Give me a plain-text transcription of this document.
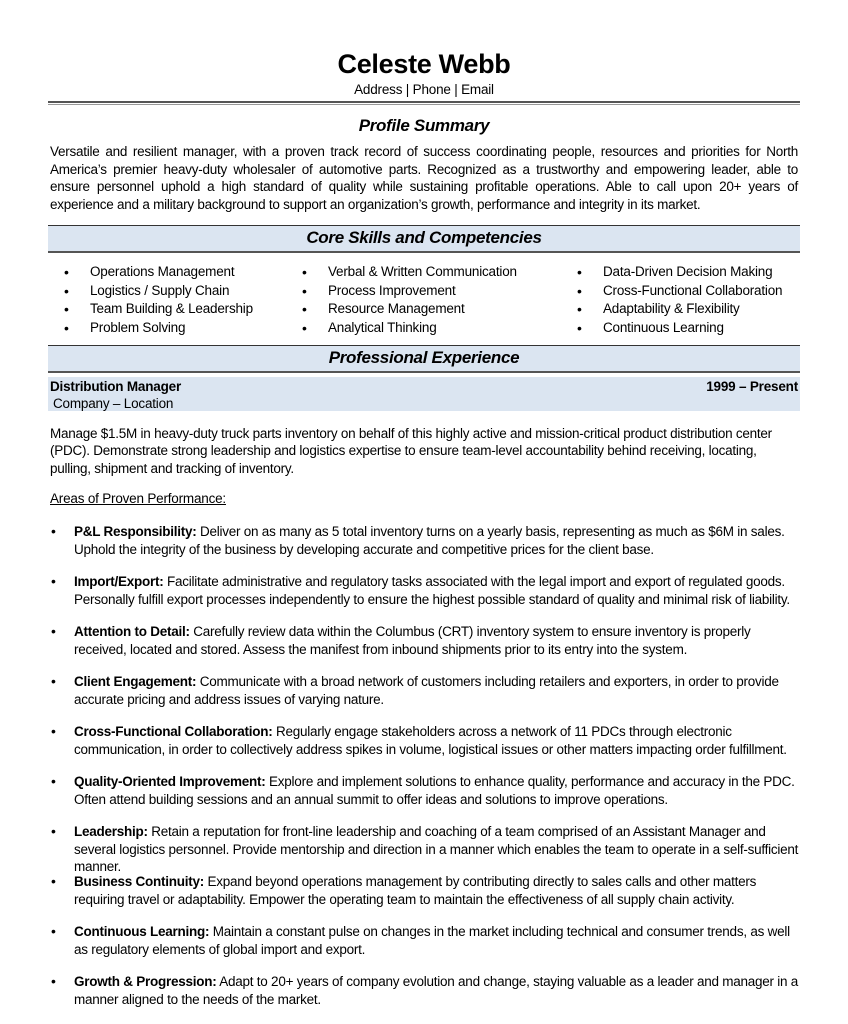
Celeste Webb
Address | Phone | Email
Profile Summary
Versatile and resilient manager, with a proven track record of success coordinating people, resources and priorities for North America’s premier heavy-duty wholesaler of automotive parts. Recognized as a trustworthy and empowering leader, able to ensure personnel uphold a high standard of quality while sustaining profitable operations. Able to call upon 20+ years of experience and a military background to support an organization’s growth, performance and integrity in its market.
Core Skills and Competencies
• Operations Management
• Logistics / Supply Chain
• Team Building & Leadership
• Problem Solving
• Verbal & Written Communication
• Process Improvement
• Resource Management
• Analytical Thinking
• Data-Driven Decision Making
• Cross-Functional Collaboration
• Adaptability & Flexibility
• Continuous Learning
Professional Experience
Distribution Manager	1999 – Present
Company – Location
Manage $1.5M in heavy-duty truck parts inventory on behalf of this highly active and mission-critical product distribution center (PDC). Demonstrate strong leadership and logistics expertise to ensure team-level accountability behind receiving, locating, pulling, shipment and tracking of inventory.
Areas of Proven Performance:
• P&L Responsibility: Deliver on as many as 5 total inventory turns on a yearly basis, representing as much as $6M in sales. Uphold the integrity of the business by developing accurate and competitive prices for the client base.
• Import/Export: Facilitate administrative and regulatory tasks associated with the legal import and export of regulated goods. Personally fulfill export processes independently to ensure the highest possible standard of quality and minimal risk of liability.
• Attention to Detail: Carefully review data within the Columbus (CRT) inventory system to ensure inventory is properly received, located and stored. Assess the manifest from inbound shipments prior to its entry into the system.
• Client Engagement: Communicate with a broad network of customers including retailers and exporters, in order to provide accurate pricing and address issues of varying nature.
• Cross-Functional Collaboration: Regularly engage stakeholders across a network of 11 PDCs through electronic communication, in order to collectively address spikes in volume, logistical issues or other matters impacting order fulfillment.
• Quality-Oriented Improvement: Explore and implement solutions to enhance quality, performance and accuracy in the PDC. Often attend building sessions and an annual summit to offer ideas and solutions to improve operations.
• Leadership: Retain a reputation for front-line leadership and coaching of a team comprised of an Assistant Manager and several logistics personnel. Provide mentorship and direction in a manner which enables the team to operate in a self-sufficient manner.
• Business Continuity: Expand beyond operations management by contributing directly to sales calls and other matters requiring travel or adaptability. Empower the operating team to maintain the effectiveness of all supply chain activity.
• Continuous Learning: Maintain a constant pulse on changes in the market including technical and consumer trends, as well as regulatory elements of global import and export.
• Growth & Progression: Adapt to 20+ years of company evolution and change, staying valuable as a leader and manager in a manner aligned to the needs of the market.
